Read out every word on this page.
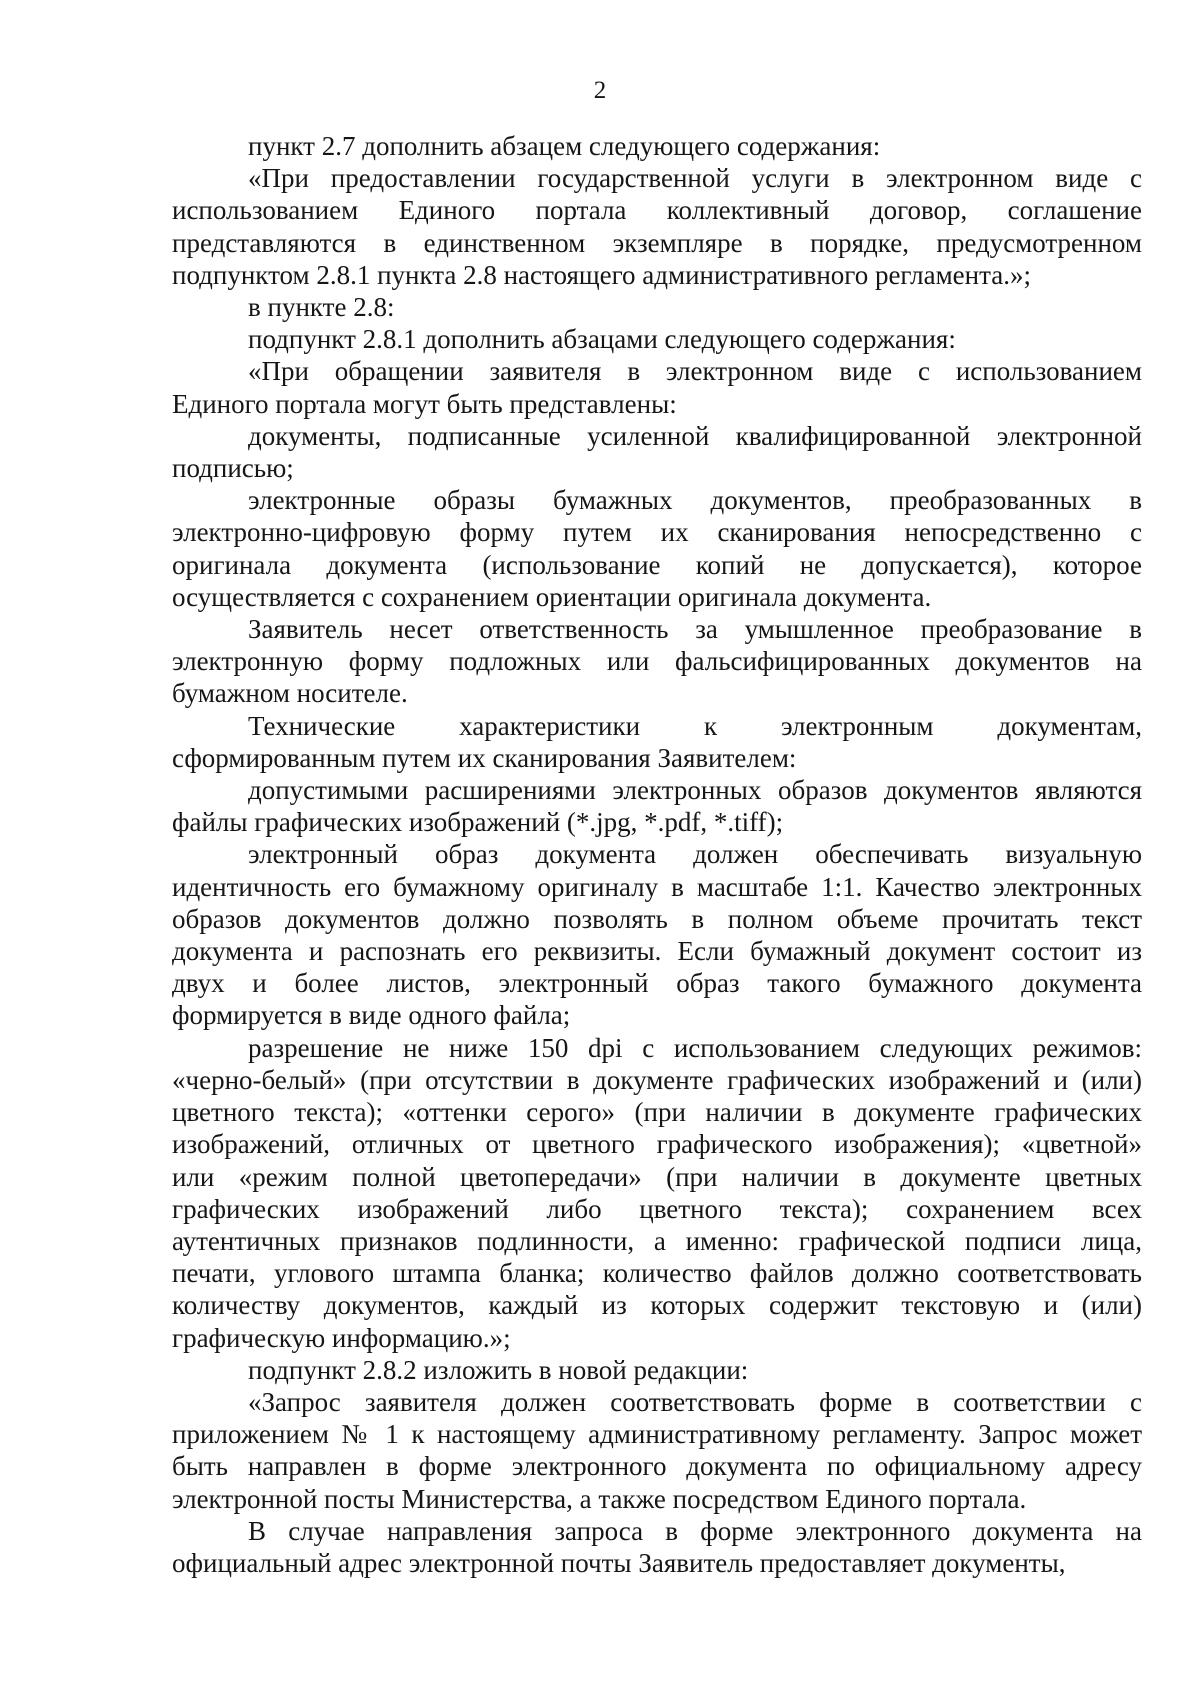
2
пункт 2.7 дополнить абзацем следующего содержания:
«При предоставлении государственной услуги в электронном виде с
использованием Единого портала коллективный договор, соглашение
представляются в единственном экземпляре в порядке, предусмотренном
подпунктом 2.8.1 пункта 2.8 настоящего административного регламента.»;
в пункте 2.8:
подпункт 2.8.1 дополнить абзацами следующего содержания:
«При обращении заявителя в электронном виде с использованием
Единого портала могут быть представлены:
документы, подписанные усиленной квалифицированной электронной
подписью;
электронные образы бумажных документов, преобразованных в
электронно-цифровую форму путем их сканирования непосредственно с
оригинала документа (использование копий не допускается), которое
осуществляется с сохранением ориентации оригинала документа.
Заявитель несет ответственность за умышленное преобразование в
электронную форму подложных или фальсифицированных документов на
бумажном носителе.
Технические характеристики к электронным документам,
сформированным путем их сканирования Заявителем:
допустимыми расширениями электронных образов документов являются
файлы графических изображений (*.jpg, *.pdf, *.tiff);
электронный образ документа должен обеспечивать визуальную
идентичность его бумажному оригиналу в масштабе 1:1. Качество электронных
образов документов должно позволять в полном объеме прочитать текст
документа и распознать его реквизиты. Если бумажный документ состоит из
двух и более листов, электронный образ такого бумажного документа
формируется в виде одного файла;
разрешение не ниже 150 dpi с использованием следующих режимов:
«черно-белый» (при отсутствии в документе графических изображений и (или)
цветного текста); «оттенки серого» (при наличии в документе графических
изображений, отличных от цветного графического изображения); «цветной»
или «режим полной цветопередачи» (при наличии в документе цветных
графических изображений либо цветного текста); сохранением всех
аутентичных признаков подлинности, а именно: графической подписи лица,
печати, углового штампа бланка; количество файлов должно соответствовать
количеству документов, каждый из которых содержит текстовую и (или)
графическую информацию.»;
подпункт 2.8.2 изложить в новой редакции:
«Запрос заявителя должен соответствовать форме в соответствии с
приложением № 1 к настоящему административному регламенту. Запрос может
быть направлен в форме электронного документа по официальному адресу
электронной посты Министерства, а также посредством Единого портала.
В случае направления запроса в форме электронного документа на
официальный адрес электронной почты Заявитель предоставляет документы,
